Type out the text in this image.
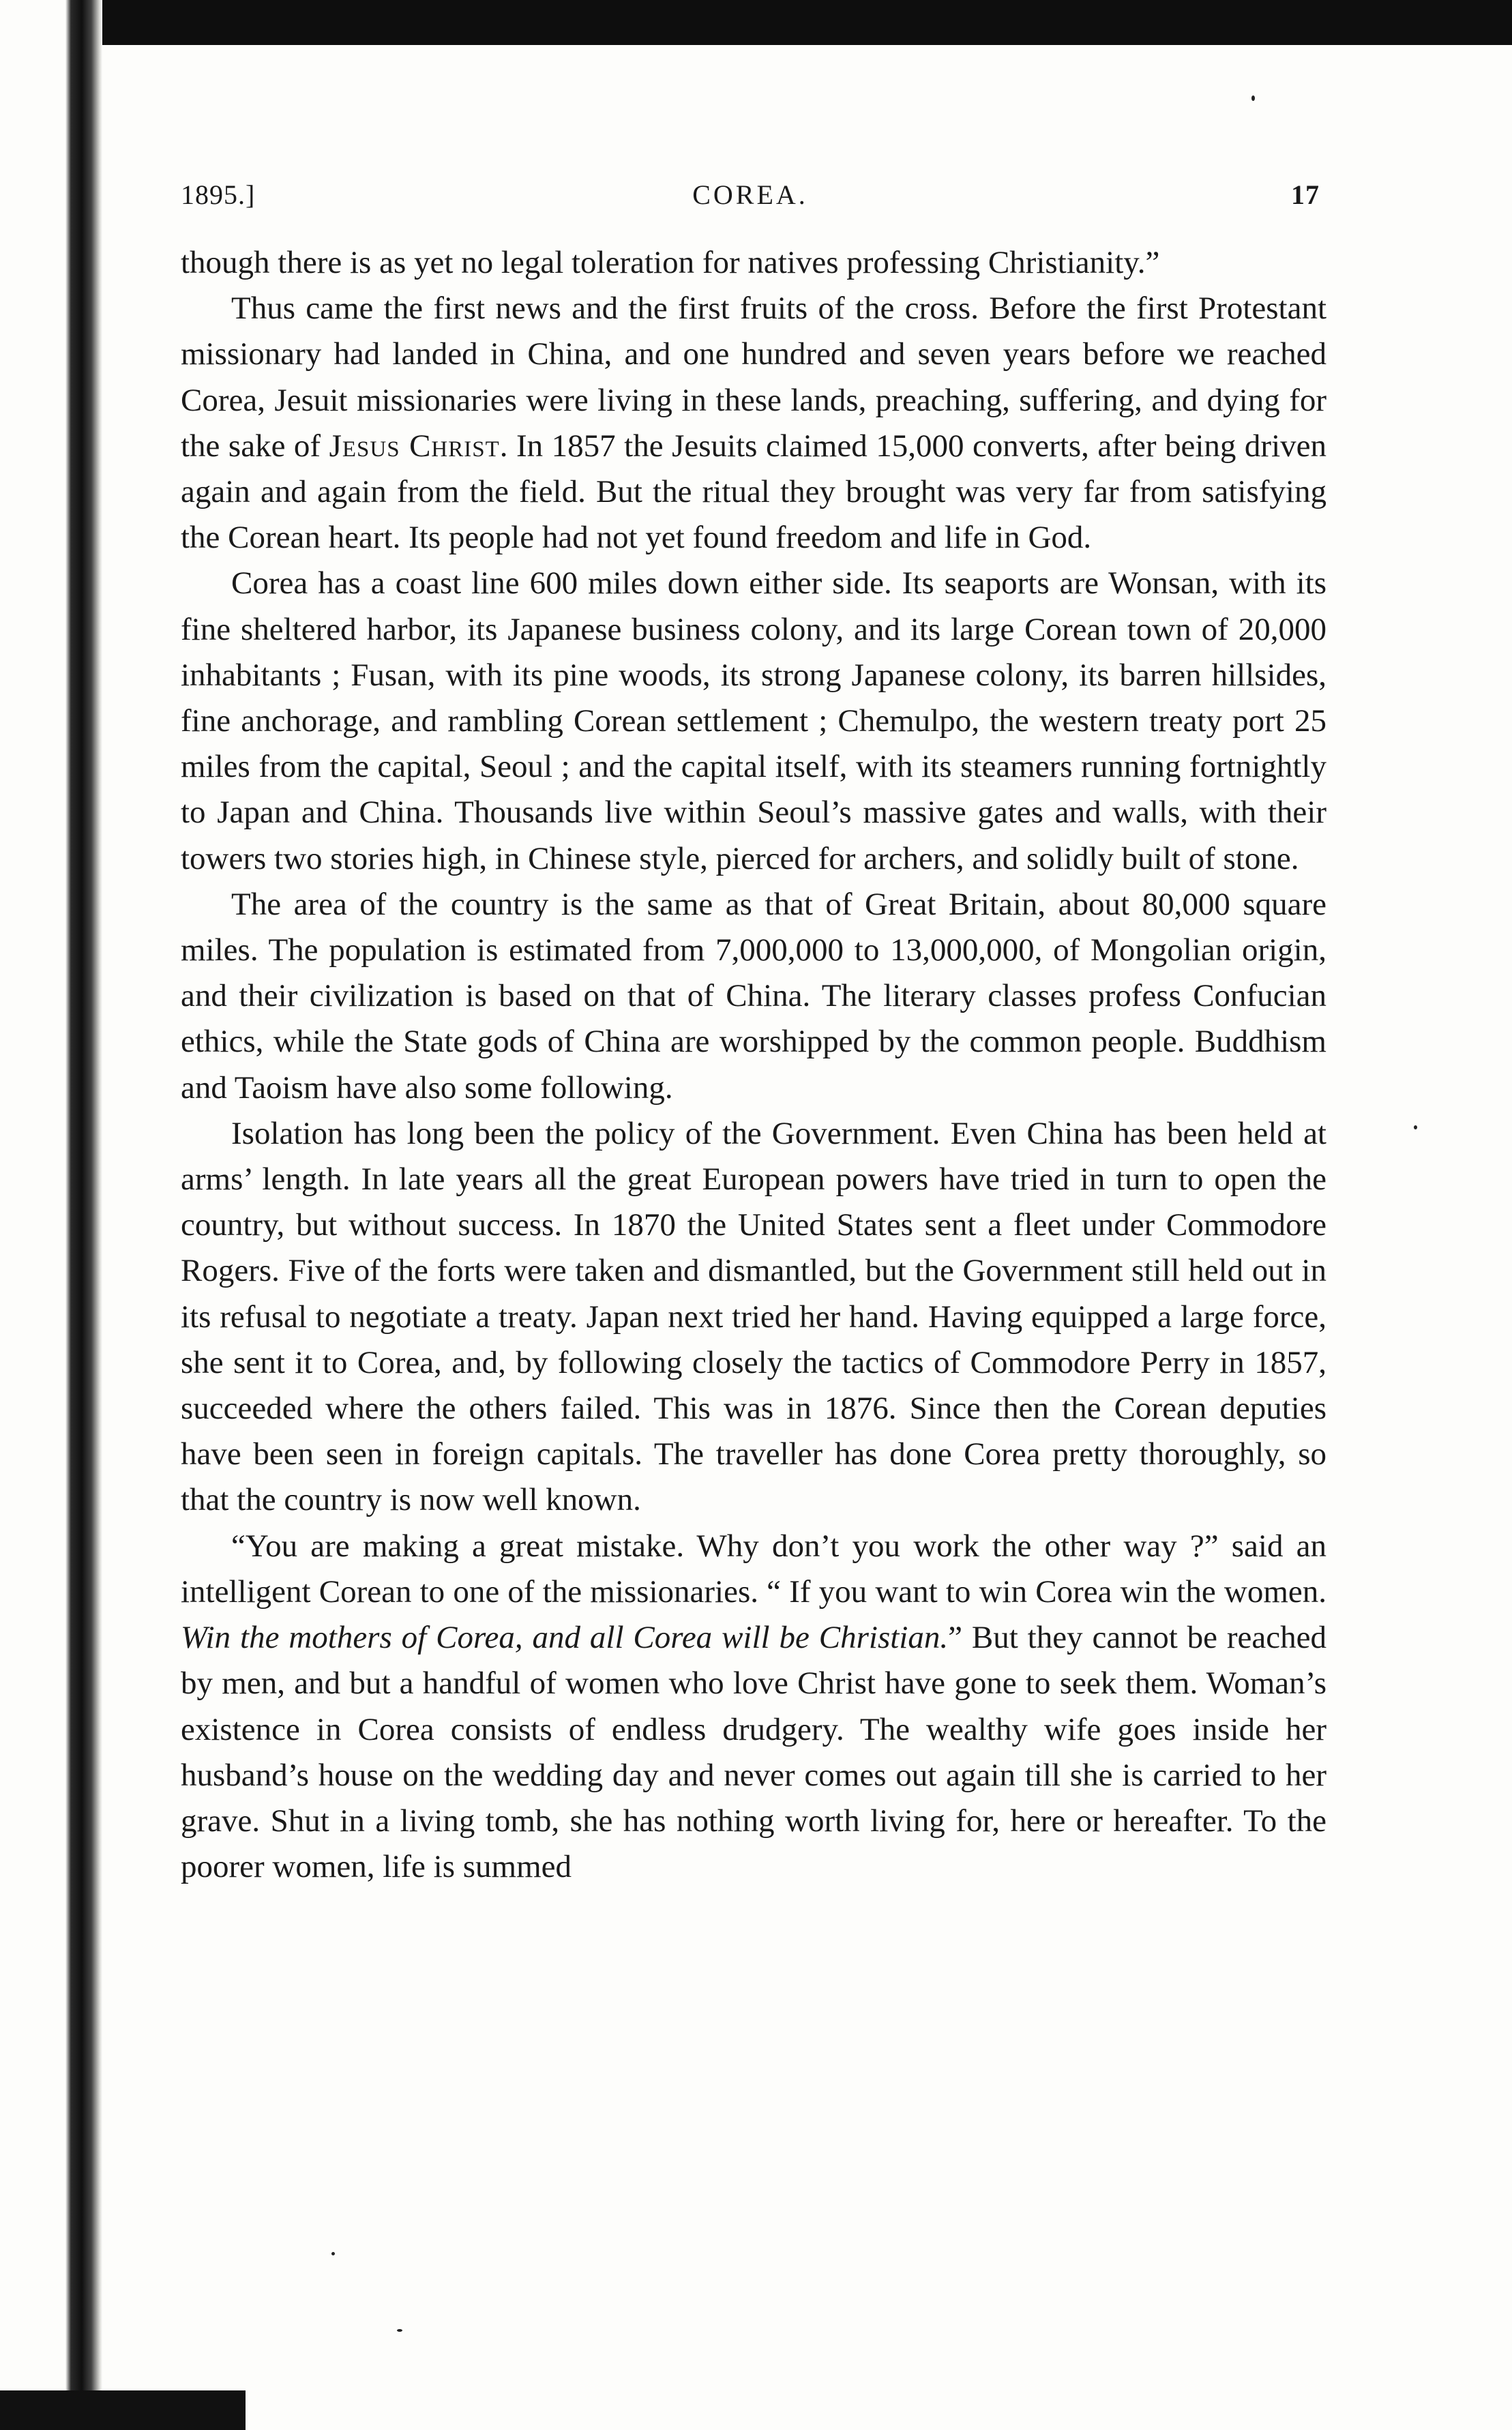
1895.]	COREA.	17

though there is as yet no legal toleration for natives professing Christianity.”

Thus came the first news and the first fruits of the cross. Before the first Protestant missionary had landed in China, and one hundred and seven years before we reached Corea, Jesuit missionaries were living in these lands, preaching, suffering, and dying for the sake of Jesus Christ. In 1857 the Jesuits claimed 15,000 converts, after being driven again and again from the field. But the ritual they brought was very far from satisfying the Corean heart. Its people had not yet found freedom and life in God.

Corea has a coast line 600 miles down either side. Its seaports are Wonsan, with its fine sheltered harbor, its Japanese business colony, and its large Corean town of 20,000 inhabitants ; Fusan, with its pine woods, its strong Japanese colony, its barren hillsides, fine anchorage, and rambling Corean settlement ; Chemulpo, the western treaty port 25 miles from the capital, Seoul ; and the capital itself, with its steamers running fortnightly to Japan and China. Thousands live within Seoul’s massive gates and walls, with their towers two stories high, in Chinese style, pierced for archers, and solidly built of stone.

The area of the country is the same as that of Great Britain, about 80,000 square miles. The population is estimated from 7,000,000 to 13,000,000, of Mongolian origin, and their civilization is based on that of China. The literary classes profess Confucian ethics, while the State gods of China are worshipped by the common people. Buddhism and Taoism have also some following.

Isolation has long been the policy of the Government. Even China has been held at arms’ length. In late years all the great European powers have tried in turn to open the country, but without success. In 1870 the United States sent a fleet under Commodore Rogers. Five of the forts were taken and dismantled, but the Government still held out in its refusal to negotiate a treaty. Japan next tried her hand. Having equipped a large force, she sent it to Corea, and, by following closely the tactics of Commodore Perry in 1857, succeeded where the others failed. This was in 1876. Since then the Corean deputies have been seen in foreign capitals. The traveller has done Corea pretty thoroughly, so that the country is now well known.

“You are making a great mistake. Why don’t you work the other way ?” said an intelligent Corean to one of the missionaries. “ If you want to win Corea win the women. Win the mothers of Corea, and all Corea will be Christian.” But they cannot be reached by men, and but a handful of women who love Christ have gone to seek them. Woman’s existence in Corea consists of endless drudgery. The wealthy wife goes inside her husband’s house on the wedding day and never comes out again till she is carried to her grave. Shut in a living tomb, she has nothing worth living for, here or hereafter. To the poorer women, life is summed
